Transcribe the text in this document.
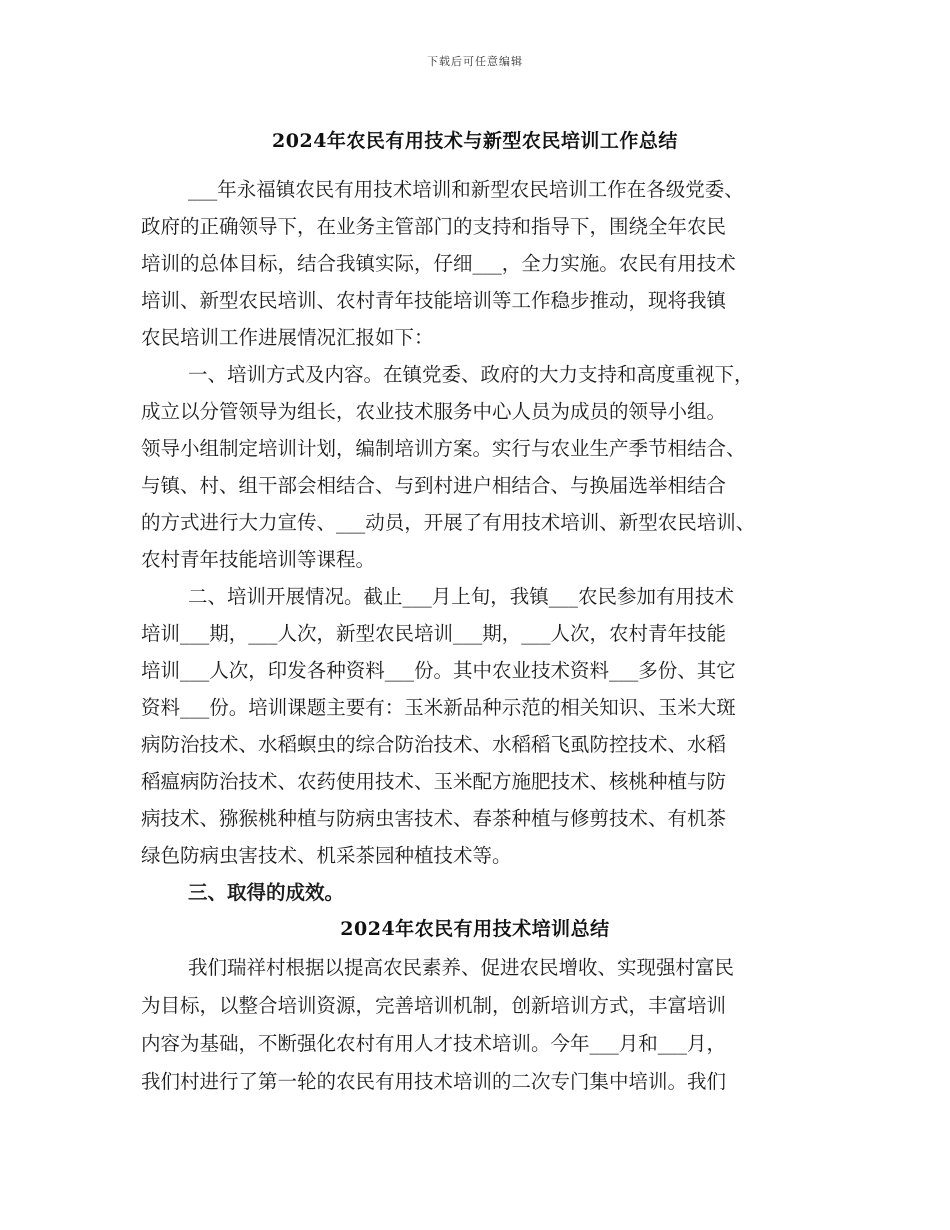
下载后可任意编辑
2024年农民有用技术与新型农民培训工作总结
___年永福镇农民有用技术培训和新型农民培训工作在各级党委、
政府的正确领导下，在业务主管部门的支持和指导下，围绕全年农民
培训的总体目标，结合我镇实际，仔细___，全力实施。农民有用技术
培训、新型农民培训、农村青年技能培训等工作稳步推动，现将我镇
农民培训工作进展情况汇报如下：
一、培训方式及内容。在镇党委、政府的大力支持和高度重视下，
成立以分管领导为组长，农业技术服务中心人员为成员的领导小组。
领导小组制定培训计划，编制培训方案。实行与农业生产季节相结合、
与镇、村、组干部会相结合、与到村进户相结合、与换届选举相结合
的方式进行大力宣传、___动员，开展了有用技术培训、新型农民培训、
农村青年技能培训等课程。
二、培训开展情况。截止___月上旬，我镇___农民参加有用技术
培训___期，___人次，新型农民培训___期，___人次，农村青年技能
培训___人次，印发各种资料___份。其中农业技术资料___多份、其它
资料___份。培训课题主要有：玉米新品种示范的相关知识、玉米大斑
病防治技术、水稻螟虫的综合防治技术、水稻稻飞虱防控技术、水稻
稻瘟病防治技术、农药使用技术、玉米配方施肥技术、核桃种植与防
病技术、猕猴桃种植与防病虫害技术、春茶种植与修剪技术、有机茶
绿色防病虫害技术、机采茶园种植技术等。
三、取得的成效。
2024年农民有用技术培训总结
我们瑞祥村根据以提高农民素养、促进农民增收、实现强村富民
为目标，以整合培训资源，完善培训机制，创新培训方式，丰富培训
内容为基础，不断强化农村有用人才技术培训。今年___月和___月，
我们村进行了第一轮的农民有用技术培训的二次专门集中培训。我们
